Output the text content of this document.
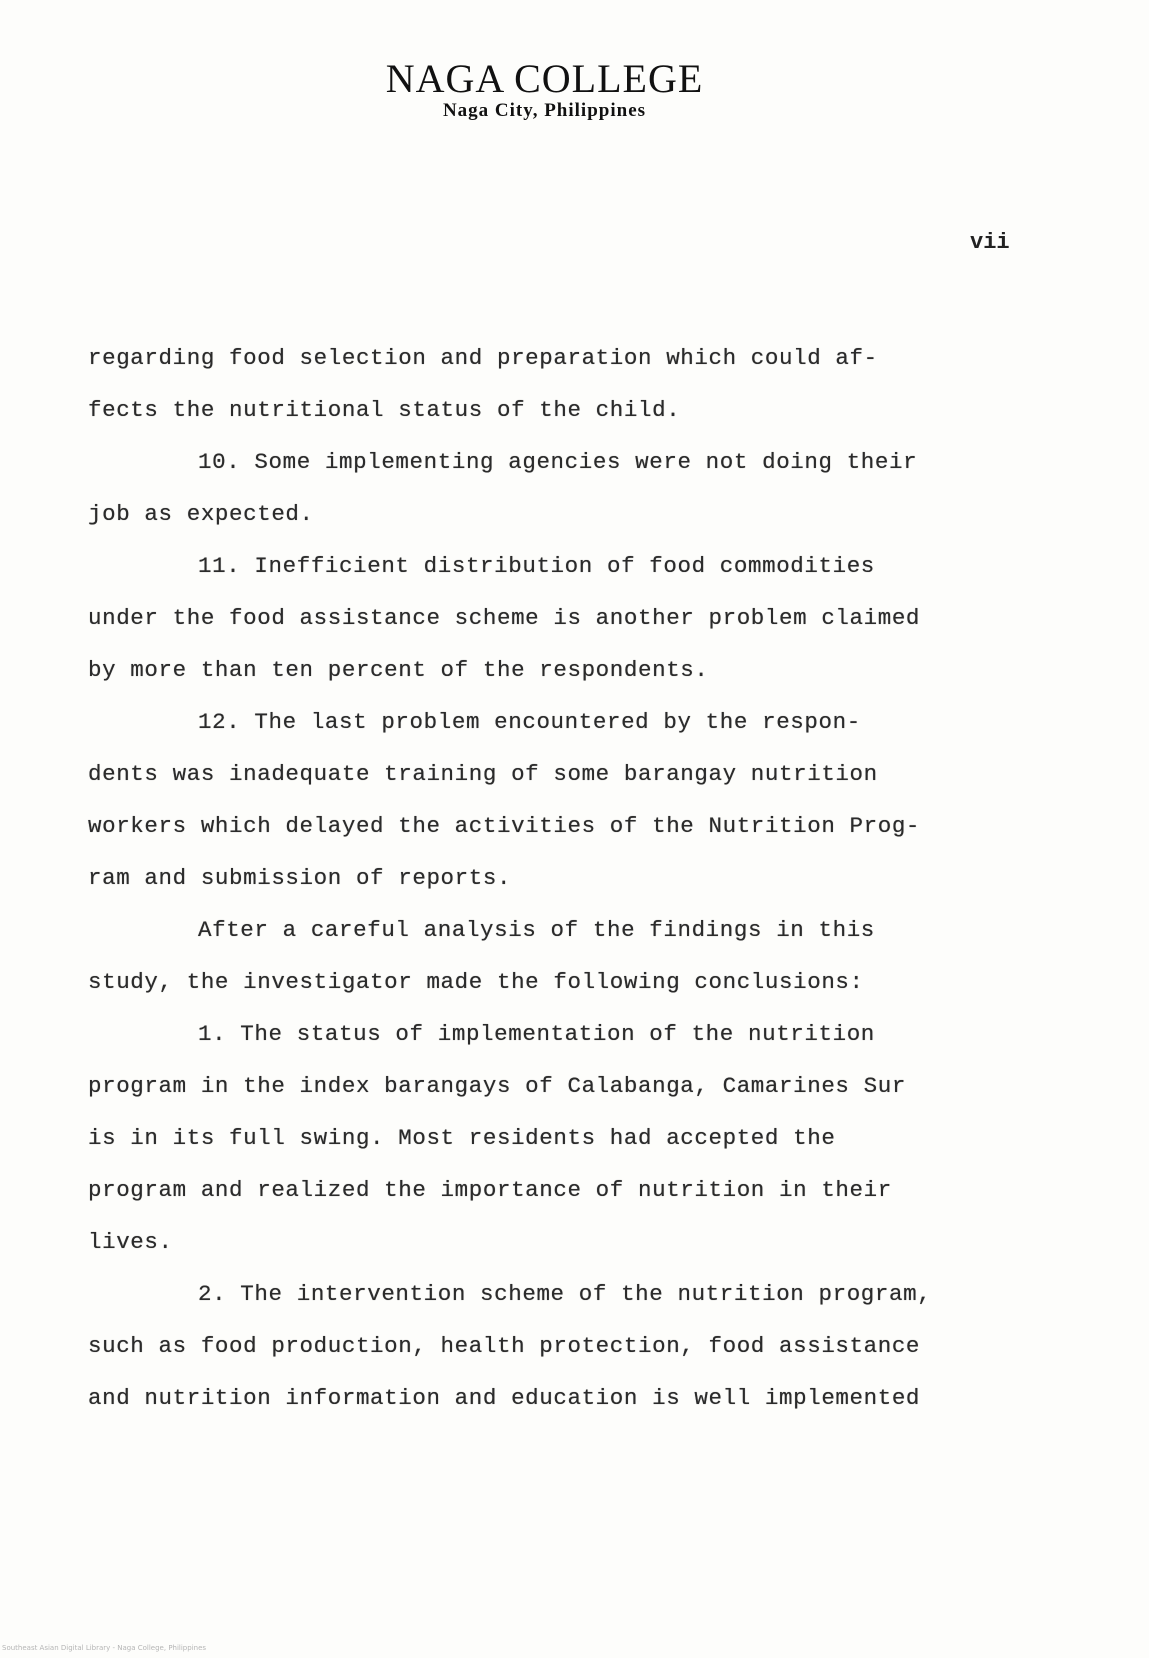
NAGA COLLEGE
Naga City, Philippines
vii
regarding food selection and preparation which could af-
fects the nutritional status of the child.
10. Some implementing agencies were not doing their
job as expected.
11. Inefficient distribution of food commodities
under the food assistance scheme is another problem claimed
by more than ten percent of the respondents.
12. The last problem encountered by the respon-
dents was inadequate training of some barangay nutrition
workers which delayed the activities of the Nutrition Prog-
ram and submission of reports.
After a careful analysis of the findings in this
study, the investigator made the following conclusions:
1. The status of implementation of the nutrition
program in the index barangays of Calabanga, Camarines Sur
is in its full swing. Most residents had accepted the
program and realized the importance of nutrition in their
lives.
2. The intervention scheme of the nutrition program,
such as food production, health protection, food assistance
and nutrition information and education is well implemented
Southeast Asian Digital Library - Naga College, Philippines
